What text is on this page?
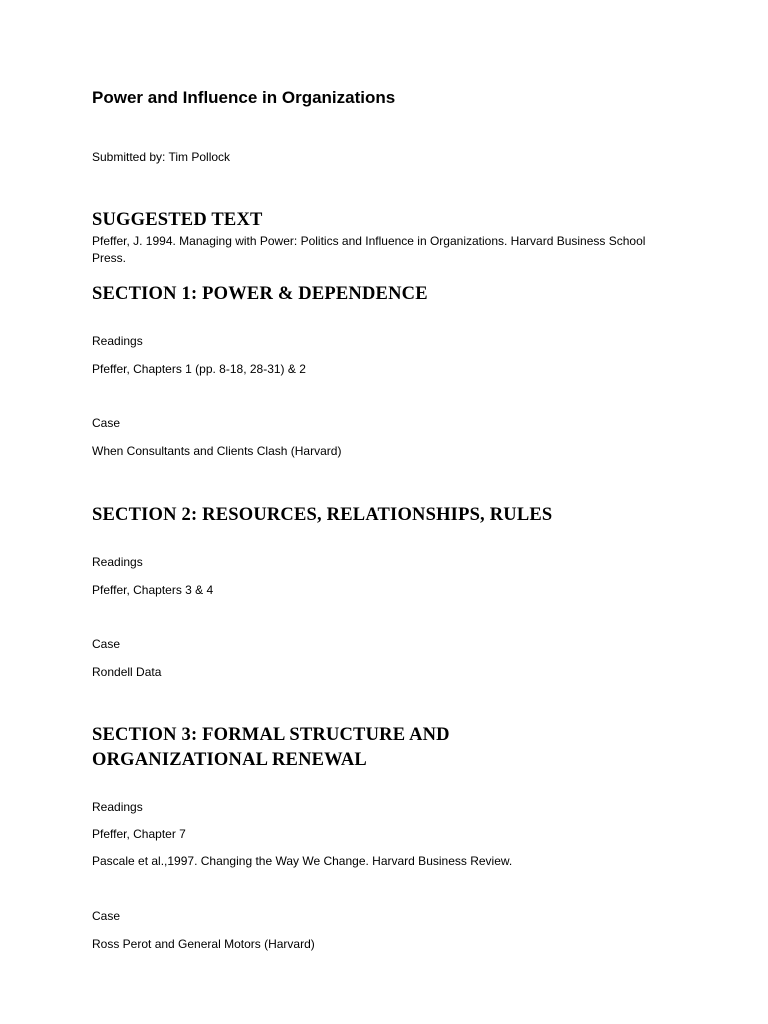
Power and Influence in Organizations

Submitted by: Tim Pollock

SUGGESTED TEXT

Pfeffer, J. 1994. Managing with Power: Politics and Influence in Organizations. Harvard Business School Press.

SECTION 1: POWER & DEPENDENCE

Readings

Pfeffer, Chapters 1 (pp. 8-18, 28-31) & 2

Case

When Consultants and Clients Clash (Harvard)

SECTION 2: RESOURCES, RELATIONSHIPS, RULES

Readings

Pfeffer, Chapters 3 & 4

Case

Rondell Data

SECTION 3: FORMAL STRUCTURE AND
ORGANIZATIONAL RENEWAL

Readings

Pfeffer, Chapter 7

Pascale et al.,1997. Changing the Way We Change. Harvard Business Review.

Case

Ross Perot and General Motors (Harvard)
